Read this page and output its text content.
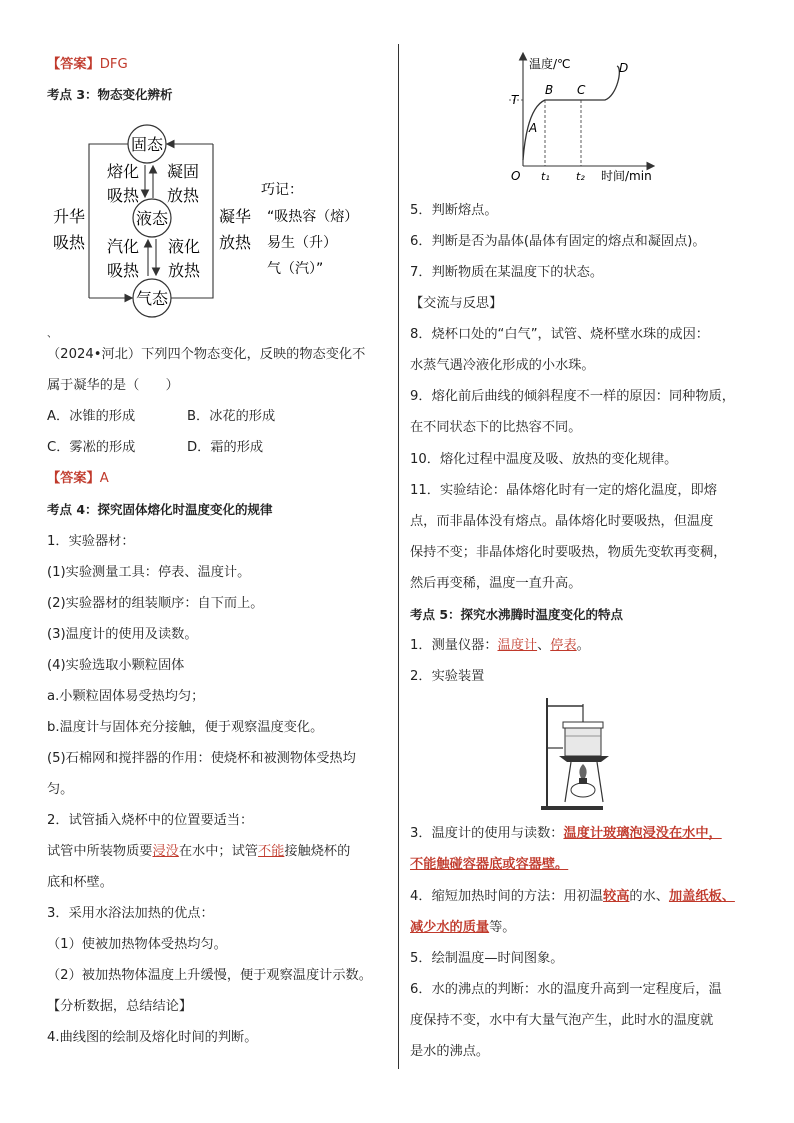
【答案】DFG
考点 3：物态变化辨析
固态
液态
气态
熔化
吸热
凝固
放热
汽化
吸热
液化
放热
升华
吸热
凝华
放热
巧记：
“吸热容（熔）
易生（升）
气（汽）”
、
（2024•河北）下列四个物态变化，反映的物态变化不
属于凝华的是（　　）
A．冰锥的形成	B．冰花的形成
C．雾凇的形成	D．霜的形成
【答案】A
考点 4：探究固体熔化时温度变化的规律
1．实验器材：
(1)实验测量工具：停表、温度计。
(2)实验器材的组装顺序：自下而上。
(3)温度计的使用及读数。
(4)实验选取小颗粒固体
a.小颗粒固体易受热均匀；
b.温度计与固体充分接触，便于观察温度变化。
(5)石棉网和搅拌器的作用：使烧杯和被测物体受热均
匀。
2．试管插入烧杯中的位置要适当：
试管中所装物质要浸没在水中；试管不能接触烧杯的
底和杯壁。
3．采用水浴法加热的优点：
（1）使被加热物体受热均匀。
（2）被加热物体温度上升缓慢，便于观察温度计示数。
【分析数据，总结结论】
4.曲线图的绘制及熔化时间的判断。
温度/℃
T
A
B C
D
O t₁ t₂ 时间/min
5．判断熔点。
6．判断是否为晶体(晶体有固定的熔点和凝固点)。
7．判断物质在某温度下的状态。
【交流与反思】
8．烧杯口处的“白气”，试管、烧杯壁水珠的成因：
水蒸气遇冷液化形成的小水珠。
9．熔化前后曲线的倾斜程度不一样的原因：同种物质，
在不同状态下的比热容不同。
10．熔化过程中温度及吸、放热的变化规律。
11．实验结论：晶体熔化时有一定的熔化温度，即熔
点，而非晶体没有熔点。晶体熔化时要吸热，但温度
保持不变；非晶体熔化时要吸热，物质先变软再变稠，
然后再变稀，温度一直升高。
考点 5：探究水沸腾时温度变化的特点
1．测量仪器：温度计、停表。
2．实验装置
3．温度计的使用与读数：温度计玻璃泡浸没在水中，
不能触碰容器底或容器壁。
4．缩短加热时间的方法：用初温较高的水、加盖纸板、
减少水的质量等。
5．绘制温度—时间图象。
6．水的沸点的判断：水的温度升高到一定程度后，温
度保持不变，水中有大量气泡产生，此时水的温度就
是水的沸点。
